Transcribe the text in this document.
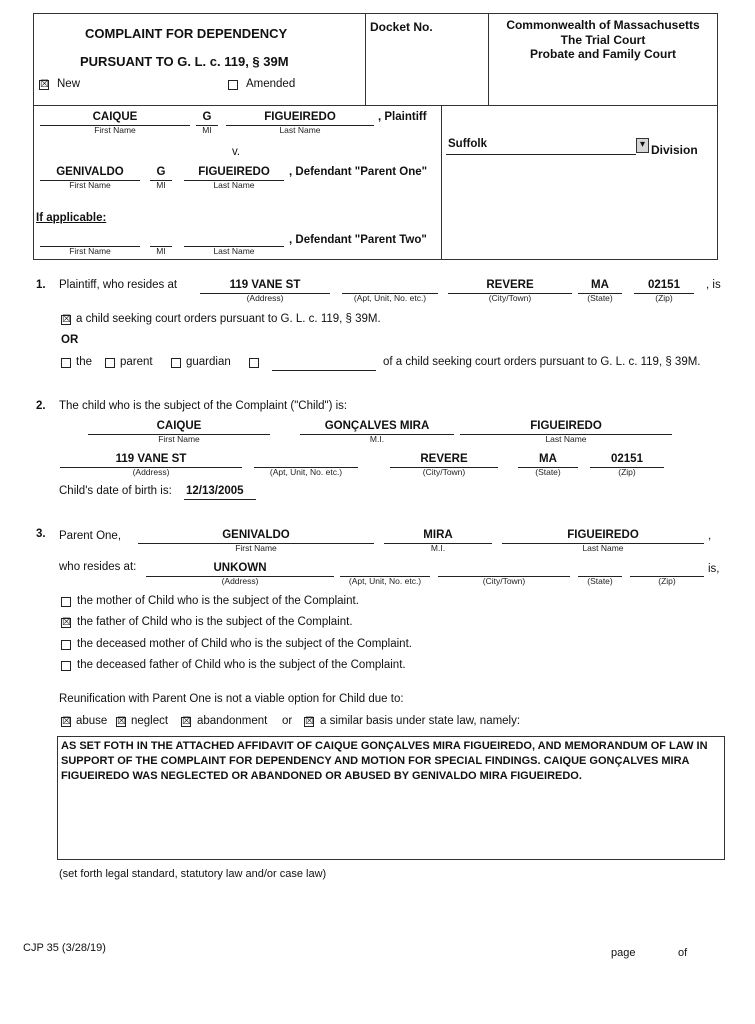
COMPLAINT FOR DEPENDENCY
PURSUANT TO G. L. c. 119, § 39M
Docket No.	Commonwealth of Massachusetts
The Trial Court
Probate and Family Court
☒ New	Amended
CAIQUE
First Name
G
MI
FIGUEIREDO
Last Name
, Plaintiff
v.
Suffolk	▾ Division
GENIVALDO
First Name
G
MI
FIGUEIREDO
Last Name
, Defendant "Parent One"
If applicable:
First Name	MI	Last Name
, Defendant "Parent Two"
1. Plaintiff, who resides at	119 VANE ST
(Address)	(Apt, Unit, No. etc.)
REVERE
(City/Town)
MA
(State)
02151
(Zip)
, is
☒ a child seeking court orders pursuant to G. L. c. 119, § 39M.
OR
the parent	guardian	of a child seeking court orders pursuant to G. L. c. 119, § 39M.
2. The child who is the subject of the Complaint ("Child") is:
CAIQUE
First Name
GONÇALVES MIRA
M.I.
FIGUEIREDO
Last Name
119 VANE ST
(Address)	(Apt, Unit, No. etc.)
REVERE
(City/Town)
MA
(State)
02151
(Zip)
Child's date of birth is: 12/13/2005
3. Parent One,	GENIVALDO
First Name
MIRA
M.I.
FIGUEIREDO
Last Name
,
who resides at:	UNKOWN
(Address)	(Apt, Unit, No. etc.)	(City/Town)	(State)	(Zip)
is,
the mother of Child who is the subject of the Complaint.
☒ the father of Child who is the subject of the Complaint.
the deceased mother of Child who is the subject of the Complaint.
the deceased father of Child who is the subject of the Complaint.
Reunification with Parent One is not a viable option for Child due to:
☒ abuse ☒ neglect ☒ abandonment or ☒ a similar basis under state law, namely:
AS SET FOTH IN THE ATTACHED AFFIDAVIT OF CAIQUE GONÇALVES MIRA FIGUEIREDO, AND MEMORANDUM OF LAW IN SUPPORT OF THE COMPLAINT FOR DEPENDENCY AND MOTION FOR SPECIAL FINDINGS. CAIQUE GONÇALVES MIRA FIGUEIREDO WAS NEGLECTED OR ABANDONED OR ABUSED BY GENIVALDO MIRA FIGUEIREDO.
(set forth legal standard, statutory law and/or case law)
CJP 35 (3/28/19)	page	of
